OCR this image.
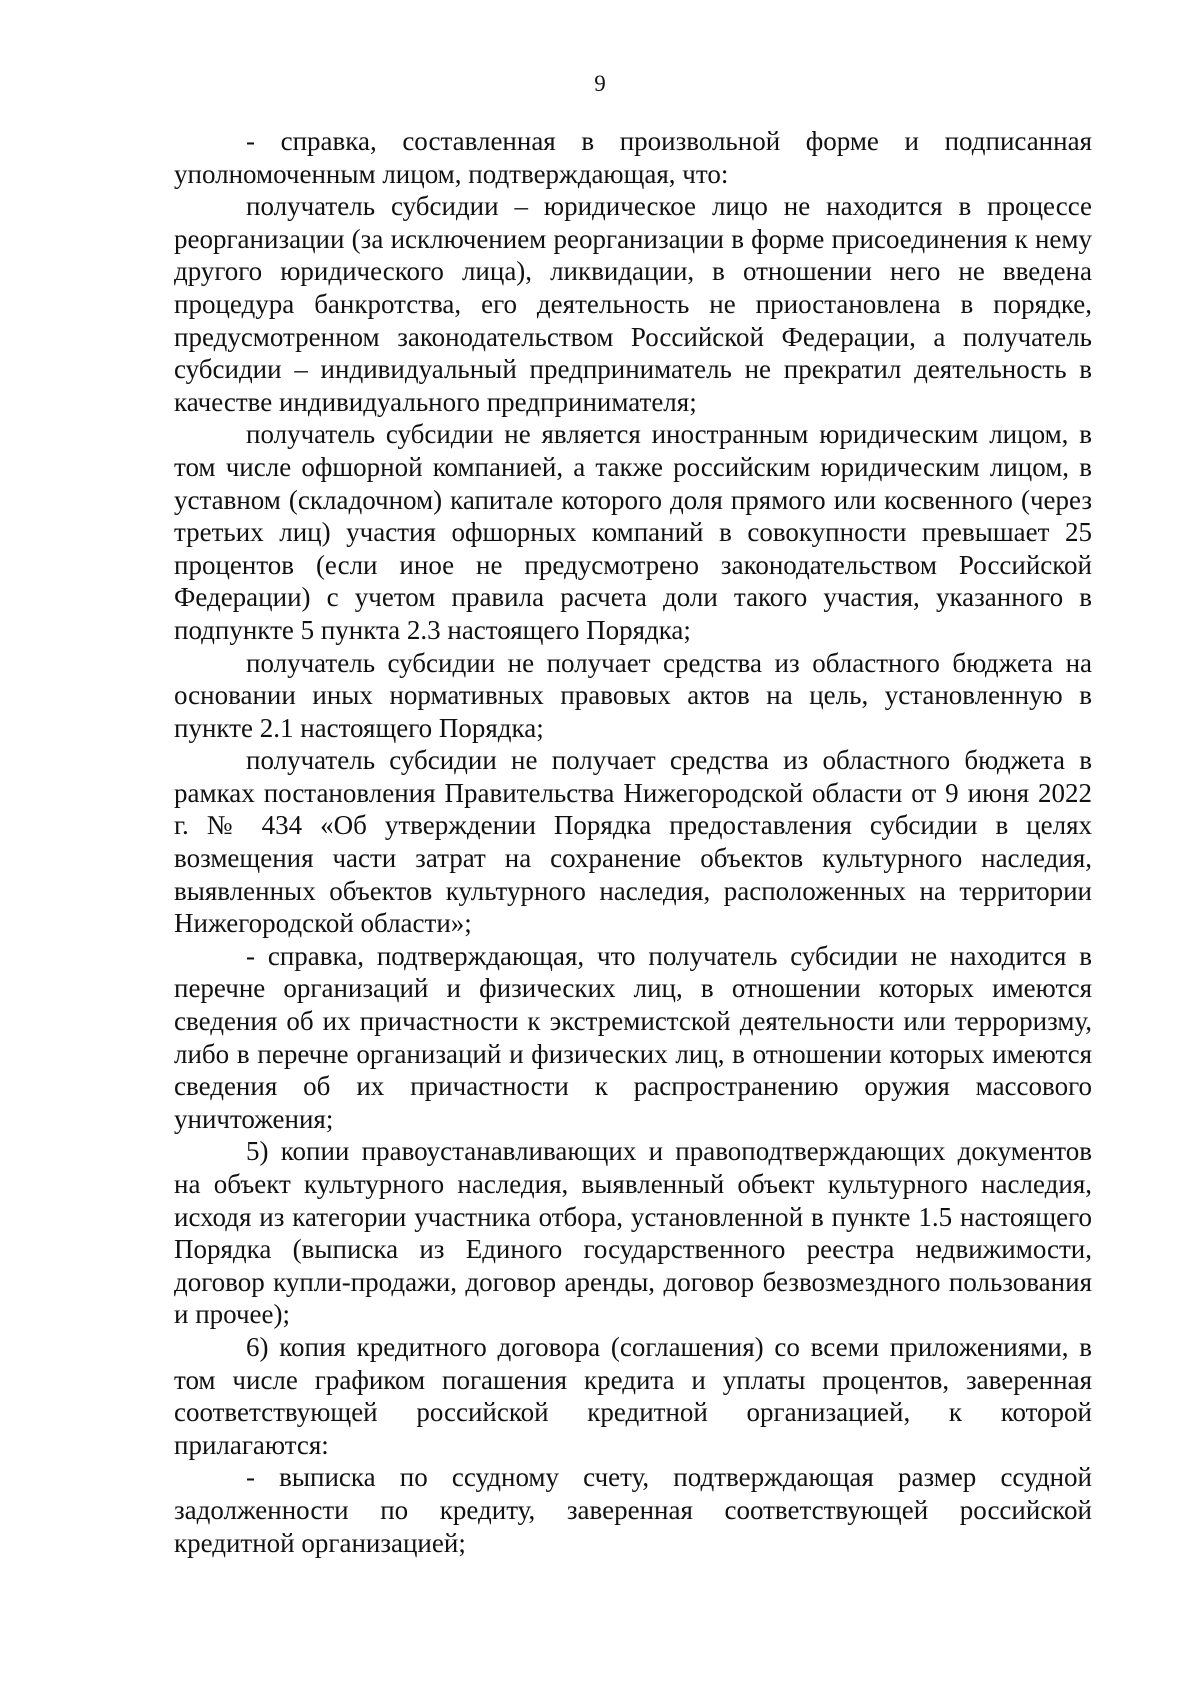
9

- справка, составленная в произвольной форме и подписанная уполномоченным лицом, подтверждающая, что:

получатель субсидии – юридическое лицо не находится в процессе реорганизации (за исключением реорганизации в форме присоединения к нему другого юридического лица), ликвидации, в отношении него не введена процедура банкротства, его деятельность не приостановлена в порядке, предусмотренном законодательством Российской Федерации, а получатель субсидии – индивидуальный предприниматель не прекратил деятельность в качестве индивидуального предпринимателя;

получатель субсидии не является иностранным юридическим лицом, в том числе офшорной компанией, а также российским юридическим лицом, в уставном (складочном) капитале которого доля прямого или косвенного (через третьих лиц) участия офшорных компаний в совокупности превышает 25 процентов (если иное не предусмотрено законодательством Российской Федерации) с учетом правила расчета доли такого участия, указанного в подпункте 5 пункта 2.3 настоящего Порядка;

получатель субсидии не получает средства из областного бюджета на основании иных нормативных правовых актов на цель, установленную в пункте 2.1 настоящего Порядка;

получатель субсидии не получает средства из областного бюджета в рамках постановления Правительства Нижегородской области от 9 июня 2022 г. № 434 «Об утверждении Порядка предоставления субсидии в целях возмещения части затрат на сохранение объектов культурного наследия, выявленных объектов культурного наследия, расположенных на территории Нижегородской области»;

- справка, подтверждающая, что получатель субсидии не находится в перечне организаций и физических лиц, в отношении которых имеются сведения об их причастности к экстремистской деятельности или терроризму, либо в перечне организаций и физических лиц, в отношении которых имеются сведения об их причастности к распространению оружия массового уничтожения;

5) копии правоустанавливающих и правоподтверждающих документов на объект культурного наследия, выявленный объект культурного наследия, исходя из категории участника отбора, установленной в пункте 1.5 настоящего Порядка (выписка из Единого государственного реестра недвижимости, договор купли-продажи, договор аренды, договор безвозмездного пользования и прочее);

6) копия кредитного договора (соглашения) со всеми приложениями, в том числе графиком погашения кредита и уплаты процентов, заверенная соответствующей российской кредитной организацией, к которой прилагаются:

- выписка по ссудному счету, подтверждающая размер ссудной задолженности по кредиту, заверенная соответствующей российской кредитной организацией;
